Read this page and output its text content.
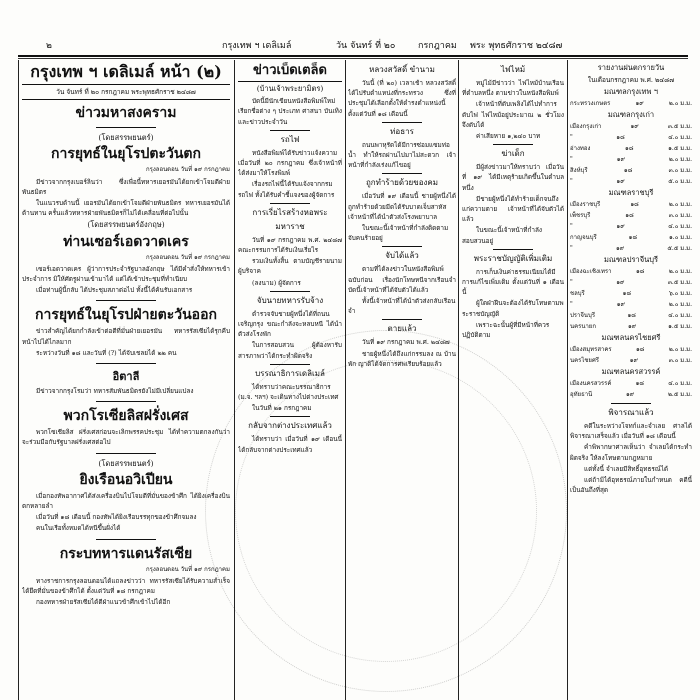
๒	กรุงเทพ ฯ เดลิเมล์	วัน จันทร์ ที่ ๒๐	กรกฎาคม พระ พุทธศักราช ๒๔๘๗
กรุงเทพ ฯ เดลิเมล์ หน้า (๒)
วัน จันทร์ ที่ ๒๐ กรกฎาคม พระพุทธศักราช ๒๔๘๗
ข่าวมหาสงคราม
(โดยสรรพยนตร์)
การยุทธ์ในยุโรปตะวันตก
กรุงลอนดอน วันที่ ๑๙ กรกฎาคม

มีข่าวจากกรุงเบอร์ลินว่า ซึ่งเพื่อนี้ทหารเยอรมันได้ยกเข้าโจมตีฝ่ายพันธมิตร

ในแนวรบด้านนี้ เยอรมันได้ยกเข้าโจมตีฝ่ายพันธมิตร ทหารเยอรมันได้ต้านทาน ครั้นแล้วทหารฝ่ายพันธมิตรก็ไม่ได้เคลื่อนที่ต่อไปนั้น

(โดยสรรพยนตร์อังกฤษ)
ท่านเซอร์เอดวาดเคร
กรุงลอนดอน วันที่ ๑๙ กรกฎาคม

เซอร์เอดวาดเคร ผู้ว่าการประจำรัฐบาลอังกฤษ ได้มีคำสั่งให้ทหารเข้าประจำการ มิให้ศัตรูผ่านเข้ามาได้ แต่ได้เข้าประชุมที่ทำเนียบ

เมื่อท่านผู้นี้กลับ ได้ประชุมสภาต่อไป ทั้งนี้ได้ค้นรับเอกสาร

การยุทธ์ในยุโรปฝ่ายตะวันออก

ข่าวสำคัญได้ยกกำลังเข้าต่อตีที่มั่นฝ่ายเยอรมัน ทหารรัสเซียได้รุกคืบหน้าไปได้ไกลมาก

ระหว่างวันที่ ๑๘ และวันที่ (?) ได้จับเชลยได้ ๒๒ คน

อิตาลี

มีข่าวจากกรุงโรมว่า ทหารสัมพันธมิตรยังไม่มีเปลี่ยนแปลง

พวกโรเซียลิสฝรั่งเศส

พวกโซเชียลิส ฝรั่งเศสก่อนจะเลิกพรรคประชุม ได้ทำความตกลงกันว่าจะร่วมมือกับรัฐบาลฝรั่งเศสต่อไป

(โดยสรรพยนตร์)
ยิงเรือนอวิเปียน

เมื่อกองทัพอากาศได้ส่งเครื่องบินไปโจมตีที่มั่นของข้าศึก ได้ยิงเครื่องบินตกหลายลำ

เมื่อวันที่ ๑๘ เดือนนี้ กองทัพได้ยิงเรือบรรทุกของข้าศึกจมลง

คนในเรือทั้งหมดได้หนีขึ้นฝั่งได้

กระบทหารแดนรัสเซีย
กรุงลอนดอน วันที่ ๑๙ กรกฎาคม

ทางราชการกรุงลอนดอนได้แถลงข่าวว่า ทหารรัสเซียได้รับความสำเร็จ ได้ยึดที่มั่นของข้าศึกได้ ตั้งแต่วันที่ ๑๘ กรกฎาคม

กองทหารฝ่ายรัสเซียได้ตีฝ่าแนวข้าศึกเข้าไปได้อีก

ข่าวเบ็ดเตล็ด
(บ้านเจ้าพระยามิตร)

บัดนี้มีนักเขียนหนังสือพิมพ์ใหม่ เรียกชื่อต่าง ๆ ประเภท ศาสนา บันเทิง และข่าวประจำวัน

รถไฟ

หนังสือพิมพ์ได้รับข่าวแจ้งความเมื่อวันที่ ๒๐ กรกฎาคม ซึ่งเจ้าหน้าที่ได้ส่งมาให้โรงพิมพ์

เรื่องรถไฟนี้ได้รับแจ้งจากกรมรถไฟ ทั้งได้รับคำชี้แจงของผู้จัดการ

การเรี่ยไรสร้างหอพระ
มหาราช

วันที่ ๑๙ กรกฎาคม พ.ศ. ๒๔๘๗ คณะกรรมการได้รับเงินเรี่ยไร

รวมเงินทั้งสิ้น ตามบัญชีรายนามผู้บริจาค

(ลงนาม) ผู้จัดการ

จับนายทหารรับจ้าง

ตำรวจจับชายผู้หนึ่งได้ที่ถนนเจริญกรุง ขณะกำลังจะหลบหนี ได้นำตัวส่งโรงพัก

ในการสอบสวน ผู้ต้องหารับสารภาพว่าได้กระทำผิดจริง

บรรณาธิการเดลิเมล์

ได้ทราบว่าคณะบรรณาธิการ (ม.จ. ฯลฯ) จะเดินทางไปต่างประเทศ

ในวันที่ ๒๑ กรกฎาคม

กลับจากต่างประเทศแล้ว

ได้ทราบว่า เมื่อวันที่ ๑๙ เดือนนี้ ได้กลับจากต่างประเทศแล้ว

หลวงสวัสดิ์ ขำนาม

วันนี้ (ที่ ๒๐) เวลาเช้า หลวงสวัสดิ์ได้ไปรับตำแหน่งที่กระทรวง ซึ่งที่ประชุมได้เลือกตั้งให้ดำรงตำแหน่งนี้ตั้งแต่วันที่ ๑๘ เดือนนี้

ท่อธาร

ถนนพาหุรัดได้มีการซ่อมแซมท่อน้ำ ทำให้รถผ่านไปมาไม่สะดวก เจ้าหน้าที่กำลังเร่งแก้ไขอยู่

ถูกทำร้ายด้วยของคม

เมื่อวันที่ ๑๙ เดือนนี้ ชายผู้หนึ่งได้ถูกทำร้ายด้วยมีดได้รับบาดเจ็บสาหัส เจ้าหน้าที่ได้นำตัวส่งโรงพยาบาล

ในขณะนี้เจ้าหน้าที่กำลังติดตามจับคนร้ายอยู่

จับได้แล้ว

ตามที่ได้ลงข่าวในหนังสือพิมพ์ฉบับก่อน เรื่องนักโทษหนีจากเรือนจำ บัดนี้เจ้าหน้าที่ได้จับตัวได้แล้ว

ทั้งนี้เจ้าหน้าที่ได้นำตัวส่งกลับเรือนจำ

ตายแล้ว

วันที่ ๑๙ กรกฎาคม พ.ศ. ๒๔๘๗

ชายผู้หนึ่งได้ถึงแก่กรรมลง ณ บ้านพัก ญาติได้จัดการศพเรียบร้อยแล้ว

ไฟไหม้

หมู่ไม้มีข่าวว่า ไฟไหม้บ้านเรือนที่ตำบลหนึ่ง ตามข่าวในหนังสือพิมพ์

เจ้าหน้าที่ดับเพลิงได้ไปทำการดับไฟ ไฟไหม้อยู่ประมาณ ๒ ชั่วโมงจึงดับได้

ค่าเสียหาย ๑,๒๔๐ บาท

ฆ่าเด็ก

มีผู้ส่งข่าวมาให้ทราบว่า เมื่อวันที่ ๑๙ ได้มีเหตุร้ายเกิดขึ้นในตำบลหนึ่ง

มีชายผู้หนึ่งได้ทำร้ายเด็กจนถึงแก่ความตาย เจ้าหน้าที่ได้จับตัวได้แล้ว

ในขณะนี้เจ้าหน้าที่กำลังสอบสวนอยู่

พระราชบัญญัติเพิ่มเติม

การเก็บเงินค่าธรรมเนียมได้มีการแก้ไขเพิ่มเติม ตั้งแต่วันที่ ๑ เดือนนี้

ผู้ใดฝ่าฝืนจะต้องได้รับโทษตามพระราชบัญญัติ

เพราะฉะนั้นผู้ที่มีหน้าที่ควรปฏิบัติตาม

รายงานฝนตกรายวัน
ในเดือนกรกฎาคม พ.ศ. ๒๔๘๗
มณฑลกรุงเทพ ฯ
กระทรวงเกษตร	๑๙	๒.๐ ม.ม.
มณฑลกรุงเก่า
เมืองกรุงเก่า	๑๙	๓.๕ ม.ม.
"	๑๘	๔.๐ ม.ม.
อ่างทอง	๑๘	๑.๕ ม.ม.
"	๑๙	๒.๐ ม.ม.
สิงห์บุรี	๑๘	๓.๐ ม.ม.
"	๑๙	๕.๐ ม.ม.
มณฑลราชบุรี
เมืองราชบุรี	๑๘	๒.๐ ม.ม.
เพ็ชรบุรี	๑๘	๓.๐ ม.ม.
"	๑๙	๔.๐ ม.ม.
กาญจนบุรี	๑๘	๑.๐ ม.ม.
"	๑๙	๕.๕ ม.ม.
มณฑลปราจีนบุรี
เมืองฉะเชิงเทรา	๑๘	๒.๐ ม.ม.
"	๑๙	๓.๕ ม.ม.
ชลบุรี	๑๘	๖.๐ ม.ม.
"	๑๙	๒.๐ ม.ม.
ปราจีนบุรี	๑๘	๔.๐ ม.ม.
นครนายก	๑๙	๑.๕ ม.ม.
มณฑลนครไชยศรี
เมืองสมุทรสาคร	๑๘	๒.๐ ม.ม.
นครไชยศรี	๑๙	๓.๐ ม.ม.
มณฑลนครสวรรค์
เมืองนครสวรรค์	๑๘	๔.๐ ม.ม.
อุทัยธานี	๑๙	๒.๕ ม.ม.
พิจารณาแล้ว

คดีในระหว่างโจทก์และจำเลย ศาลได้พิจารณาเสร็จแล้ว เมื่อวันที่ ๑๘ เดือนนี้

คำพิพากษาศาลเห็นว่า จำเลยได้กระทำผิดจริง ให้ลงโทษตามกฎหมาย

แต่ทั้งนี้ จำเลยมีสิทธิ์อุทธรณ์ได้

แต่ถ้ามิได้อุทธรณ์ภายในกำหนด คดีนี้เป็นอันถึงที่สุด
